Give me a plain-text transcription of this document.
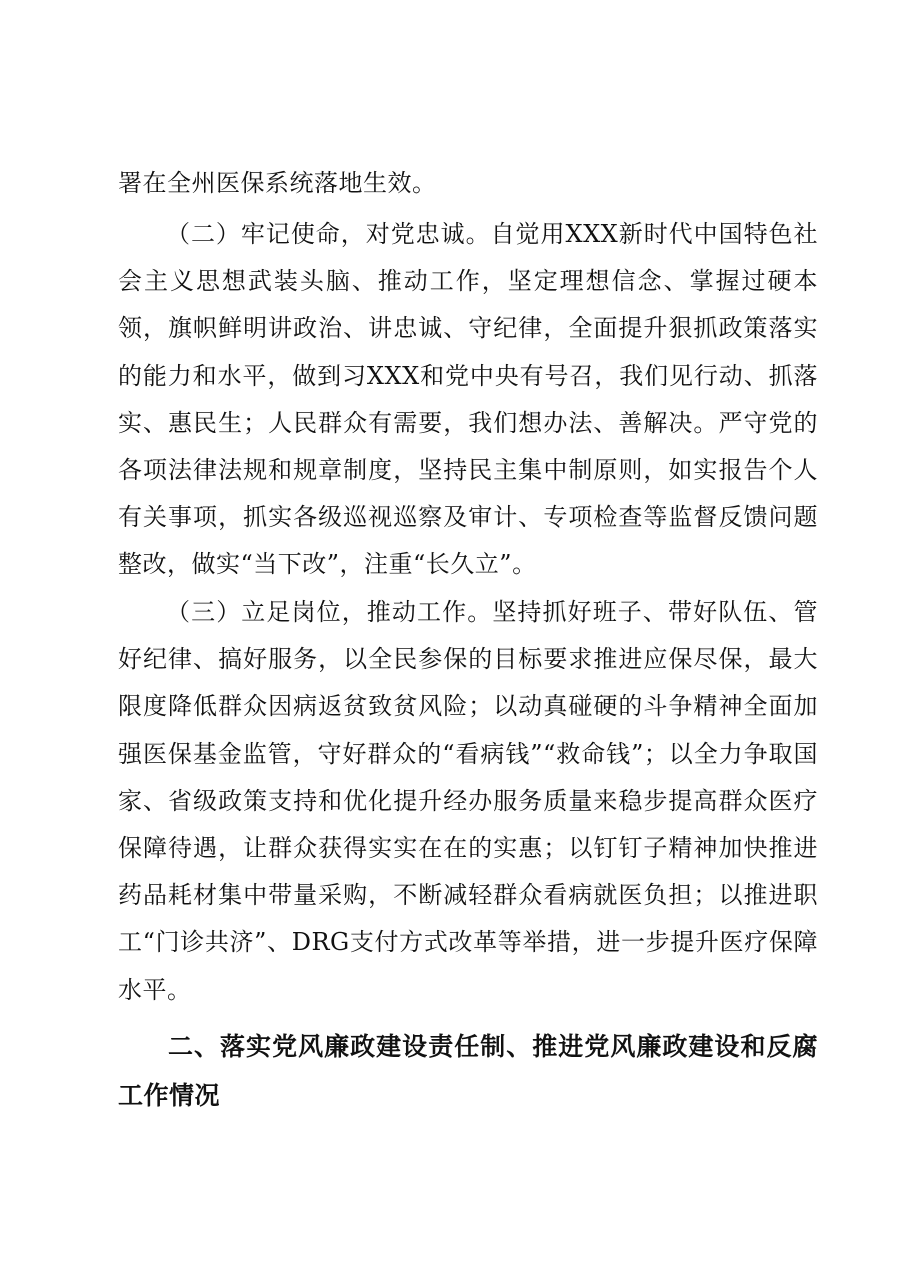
署在全州医保系统落地生效。

（二）牢记使命，对党忠诚。自觉用XXX新时代中国特色社会主义思想武装头脑、推动工作，坚定理想信念、掌握过硬本领，旗帜鲜明讲政治、讲忠诚、守纪律，全面提升狠抓政策落实的能力和水平，做到习XXX和党中央有号召，我们见行动、抓落实、惠民生；人民群众有需要，我们想办法、善解决。严守党的各项法律法规和规章制度，坚持民主集中制原则，如实报告个人有关事项，抓实各级巡视巡察及审计、专项检查等监督反馈问题整改，做实“当下改”，注重“长久立”。

（三）立足岗位，推动工作。坚持抓好班子、带好队伍、管好纪律、搞好服务，以全民参保的目标要求推进应保尽保，最大限度降低群众因病返贫致贫风险；以动真碰硬的斗争精神全面加强医保基金监管，守好群众的“看病钱”“救命钱”；以全力争取国家、省级政策支持和优化提升经办服务质量来稳步提高群众医疗保障待遇，让群众获得实实在在的实惠；以钉钉子精神加快推进药品耗材集中带量采购，不断减轻群众看病就医负担；以推进职工“门诊共济”、DRG支付方式改革等举措，进一步提升医疗保障水平。

二、落实党风廉政建设责任制、推进党风廉政建设和反腐工作情况
